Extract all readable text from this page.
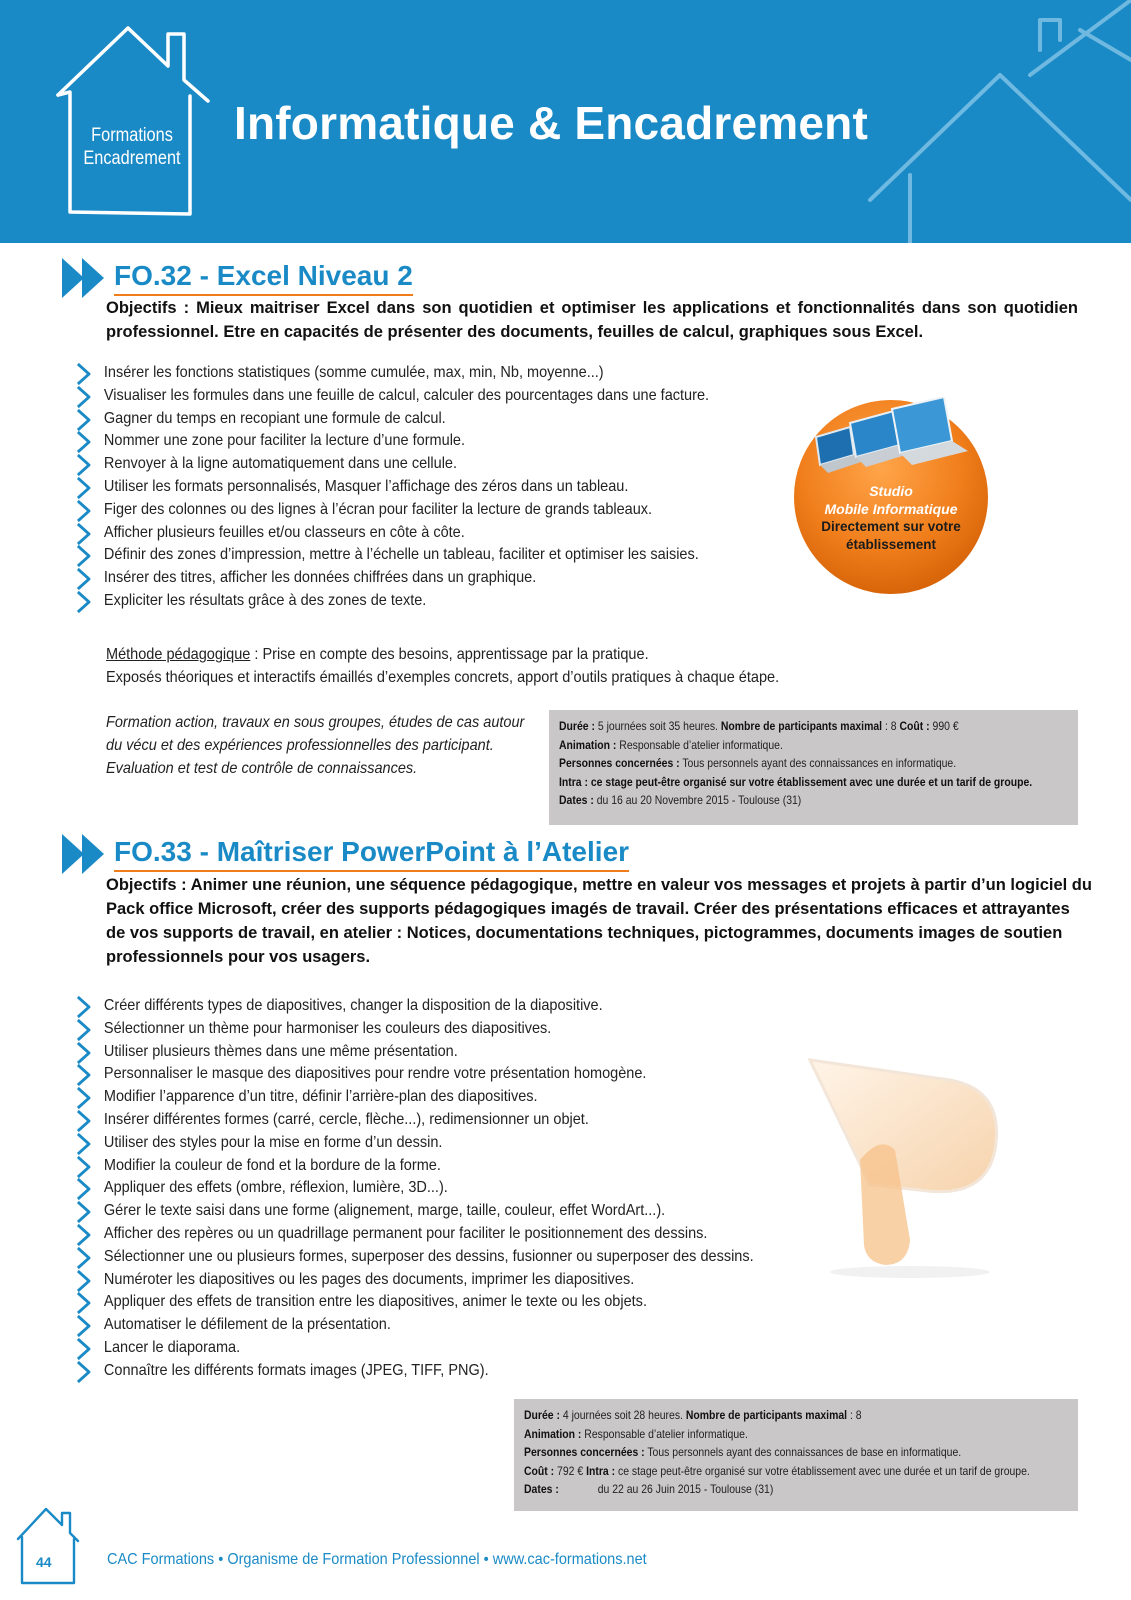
Formations
Encadrement
Informatique & Encadrement
FO.32 - Excel Niveau 2
Objectifs : Mieux maitriser Excel dans son quotidien et optimiser les applications et fonctionnalités dans son quotidien professionnel. Etre en capacités de présenter des documents, feuilles de calcul, graphiques sous Excel.
Insérer les fonctions statistiques (somme cumulée, max, min, Nb, moyenne...)
Visualiser les formules dans une feuille de calcul, calculer des pourcentages dans une facture.
Gagner du temps en recopiant une formule de calcul.
Nommer une zone pour faciliter la lecture d’une formule.
Renvoyer à la ligne automatiquement dans une cellule.
Utiliser les formats personnalisés, Masquer l’affichage des zéros dans un tableau.
Figer des colonnes ou des lignes à l’écran pour faciliter la lecture de grands tableaux.
Afficher plusieurs feuilles et/ou classeurs en côte à côte.
Définir des zones d’impression, mettre à l’échelle un tableau, faciliter et optimiser les saisies.
Insérer des titres, afficher les données chiffrées dans un graphique.
Expliciter les résultats grâce à des zones de texte.
Studio
Mobile Informatique
Directement sur votre
établissement
Méthode pédagogique : Prise en compte des besoins, apprentissage par la pratique.
Exposés théoriques et interactifs émaillés d’exemples concrets, apport d’outils pratiques à chaque étape.
Formation action, travaux en sous groupes, études de cas autour
du vécu et des expériences professionnelles des participant.
Evaluation et test de contrôle de connaissances.
Durée : 5 journées soit 35 heures. Nombre de participants maximal : 8 Coût : 990 €
Animation : Responsable d’atelier informatique.
Personnes concernées : Tous personnels ayant des connaissances en informatique.
Intra : ce stage peut-être organisé sur votre établissement avec une durée et un tarif de groupe.
Dates : du 16 au 20 Novembre 2015 - Toulouse (31)
FO.33 - Maîtriser PowerPoint à l’Atelier
Objectifs : Animer une réunion, une séquence pédagogique, mettre en valeur vos messages et projets à partir d’un logiciel du
Pack office Microsoft, créer des supports pédagogiques imagés de travail. Créer des présentations efficaces et attrayantes
de vos supports de travail, en atelier : Notices, documentations techniques, pictogrammes, documents images de soutien
professionnels pour vos usagers.
Créer différents types de diapositives, changer la disposition de la diapositive.
Sélectionner un thème pour harmoniser les couleurs des diapositives.
Utiliser plusieurs thèmes dans une même présentation.
Personnaliser le masque des diapositives pour rendre votre présentation homogène.
Modifier l’apparence d’un titre, définir l’arrière-plan des diapositives.
Insérer différentes formes (carré, cercle, flèche...), redimensionner un objet.
Utiliser des styles pour la mise en forme d’un dessin.
Modifier la couleur de fond et la bordure de la forme.
Appliquer des effets (ombre, réflexion, lumière, 3D...).
Gérer le texte saisi dans une forme (alignement, marge, taille, couleur, effet WordArt...).
Afficher des repères ou un quadrillage permanent pour faciliter le positionnement des dessins.
Sélectionner une ou plusieurs formes, superposer des dessins, fusionner ou superposer des dessins.
Numéroter les diapositives ou les pages des documents, imprimer les diapositives.
Appliquer des effets de transition entre les diapositives, animer le texte ou les objets.
Automatiser le défilement de la présentation.
Lancer le diaporama.
Connaître les différents formats images (JPEG, TIFF, PNG).
Durée : 4 journées soit 28 heures. Nombre de participants maximal : 8
Animation : Responsable d’atelier informatique.
Personnes concernées : Tous personnels ayant des connaissances de base en informatique.
Coût : 792 € Intra : ce stage peut-être organisé sur votre établissement avec une durée et un tarif de groupe.
Dates :	du 22 au 26 Juin 2015 - Toulouse (31)
44	CAC Formations • Organisme de Formation Professionnel • www.cac-formations.net
